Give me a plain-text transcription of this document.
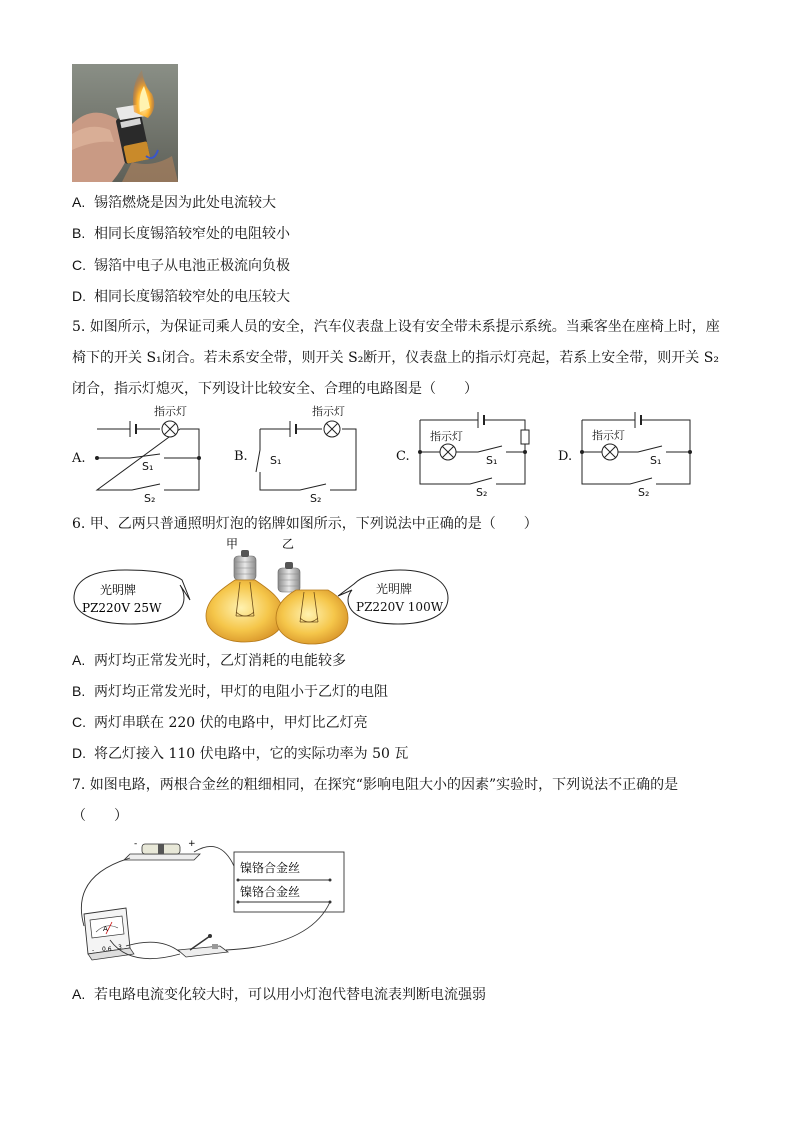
A. 锡箔燃烧是因为此处电流较大
B. 相同长度锡箔较窄处的电阻较小
C. 锡箔中电子从电池正极流向负极
D. 相同长度锡箔较窄处的电压较大
5. 如图所示，为保证司乘人员的安全，汽车仪表盘上设有安全带未系提示系统。当乘客坐在座椅上时，座
椅下的开关 S₁闭合。若未系安全带，则开关 S₂断开，仪表盘上的指示灯亮起，若系上安全带，则开关 S₂
闭合，指示灯熄灭，下列设计比较安全、合理的电路图是（　　）
指示灯
S₁
S₂
A.
指示灯
S₁
S₂
B.
指示灯
S₁
S₂
C.
指示灯
S₁
S₂
D.
6. 甲、乙两只普通照明灯泡的铭牌如图所示，下列说法中正确的是（　　）
光明牌
PZ220V 25W
甲	乙
光明牌
PZ220V 100W
A. 两灯均正常发光时，乙灯消耗的电能较多
B. 两灯均正常发光时，甲灯的电阻小于乙灯的电阻
C. 两灯串联在 220 伏的电路中，甲灯比乙灯亮
D. 将乙灯接入 110 伏电路中，它的实际功率为 50 瓦
7. 如图电路，两根合金丝的粗细相同，在探究“影响电阻大小的因素”实验时，下列说法不正确的是
（　　）
-	+
镍铬合金丝
镍铬合金丝
A
- 0.6 3
A. 若电路电流变化较大时，可以用小灯泡代替电流表判断电流强弱
